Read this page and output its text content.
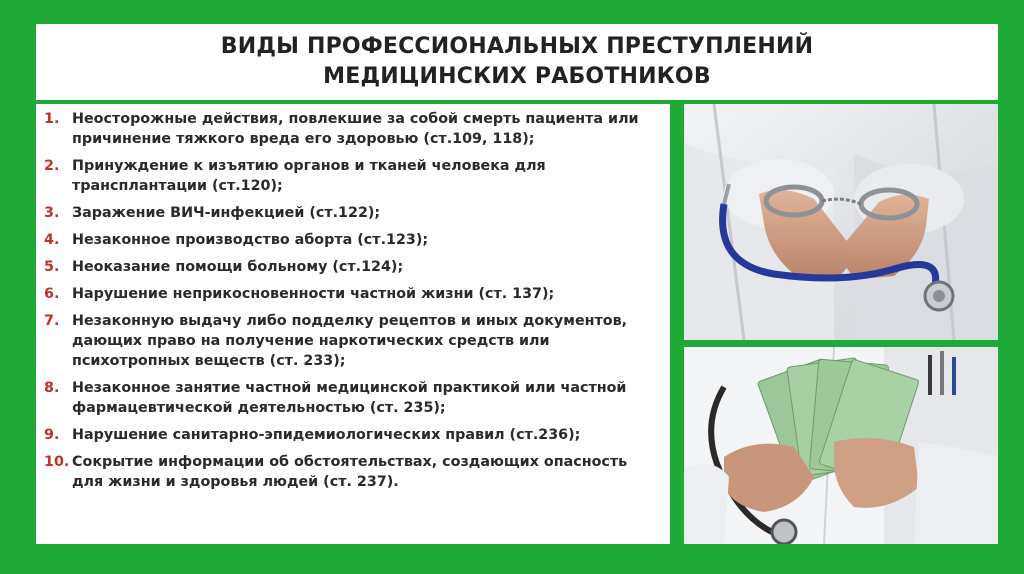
ВИДЫ ПРОФЕССИОНАЛЬНЫХ ПРЕСТУПЛЕНИЙ
МЕДИЦИНСКИХ РАБОТНИКОВ
1. Неосторожные действия, повлекшие за собой смерть пациента или
причинение тяжкого вреда его здоровью (ст.109, 118);
2. Принуждение к изъятию органов и тканей человека для
трансплантации (ст.120);
3. Заражение ВИЧ-инфекцией (ст.122);
4. Незаконное производство аборта (ст.123);
5. Неоказание помощи больному (ст.124);
6. Нарушение неприкосновенности частной жизни (ст. 137);
7. Незаконную выдачу либо подделку рецептов и иных документов,
дающих право на получение наркотических средств или
психотропных веществ (ст. 233);
8. Незаконное занятие частной медицинской практикой или частной
фармацевтической деятельностью (ст. 235);
9. Нарушение санитарно-эпидемиологических правил (ст.236);
10. Сокрытие информации об обстоятельствах, создающих опасность
для жизни и здоровья людей (ст. 237).
